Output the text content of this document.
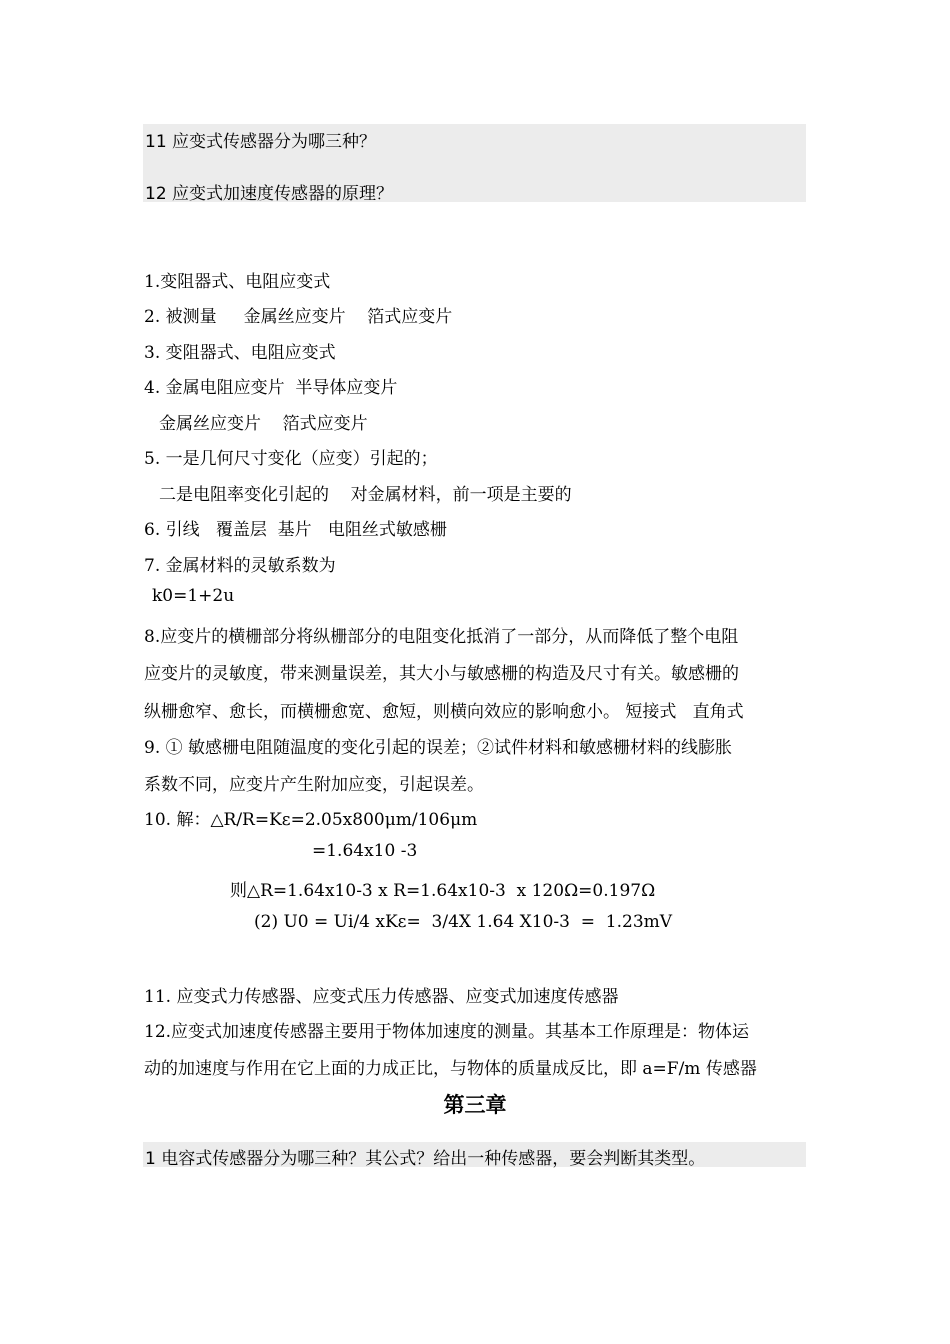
11 应变式传感器分为哪三种？
12 应变式加速度传感器的原理？
1.变阻器式、电阻应变式
2. 被测量     金属丝应变片    箔式应变片
3. 变阻器式、电阻应变式
4. 金属电阻应变片  半导体应变片
金属丝应变片    箔式应变片
5. 一是几何尺寸变化（应变）引起的；
二是电阻率变化引起的    对金属材料，前一项是主要的
6. 引线   覆盖层  基片   电阻丝式敏感栅
7. 金属材料的灵敏系数为
k0=1+2u
8.应变片的横栅部分将纵栅部分的电阻变化抵消了一部分，从而降低了整个电阻
应变片的灵敏度，带来测量误差，其大小与敏感栅的构造及尺寸有关。敏感栅的
纵栅愈窄、愈长，而横栅愈宽、愈短，则横向效应的影响愈小。 短接式   直角式
9. ① 敏感栅电阻随温度的变化引起的误差；②试件材料和敏感栅材料的线膨胀
系数不同，应变片产生附加应变，引起误差。
10. 解：△R/R=Kε=2.05x800μm/106μm
=1.64x10 -3
则△R=1.64x10-3 x R=1.64x10-3  x 120Ω=0.197Ω
(2) U0 = Ui/4 xKε=  3/4X 1.64 X10-3  =  1.23mV
11. 应变式力传感器、应变式压力传感器、应变式加速度传感器
12.应变式加速度传感器主要用于物体加速度的测量。其基本工作原理是：物体运
动的加速度与作用在它上面的力成正比，与物体的质量成反比，即 a=F/m 传感器
第三章
1 电容式传感器分为哪三种？其公式？给出一种传感器，要会判断其类型。
